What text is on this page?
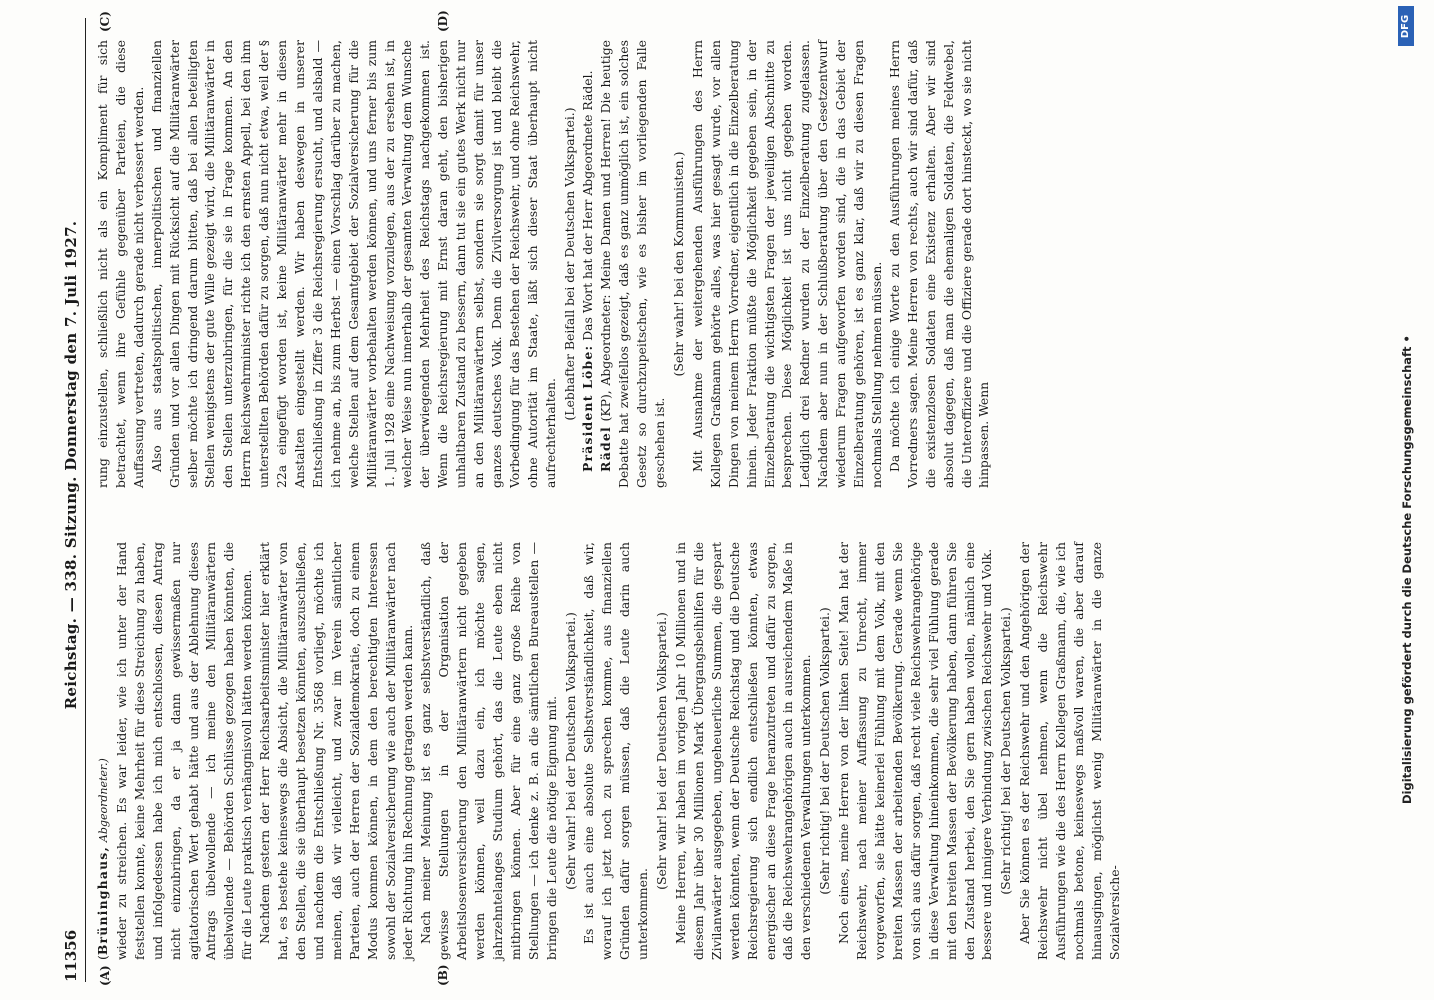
11356
Reichstag. — 338. Sitzung. Donnerstag den 7. Juli 1927.
(A)	(B)
(C)	(D)

(Brüninghaus, Abgeordneter.) wieder zu streichen. Es war leider, wie ich unter der Hand feststellen konnte, keine Mehrheit für diese Streichung zu haben, und infolgedessen habe ich mich entschlossen, diesen Antrag nicht einzubringen, da er ja dann gewissermaßen nur agitatorischen Wert gehabt hätte und aus der Ablehnung dieses Antrags übelwollende — ich meine den Militäranwärtern übelwollende — Behörden Schlüsse gezogen haben könnten, die für die Leute praktisch verhängnisvoll hätten werden können. Nachdem gestern der Herr Reichsarbeitsminister hier erklärt hat, es bestehe keineswegs die Absicht, die Militäranwärter von den Stellen, die sie überhaupt besetzen könnten, auszuschließen, und nachdem die Entschließung Nr. 3568 vorliegt, möchte ich meinen, daß wir vielleicht, und zwar im Verein sämtlicher Parteien, auch der Herren der Sozialdemokratie, doch zu einem Modus kommen können, in dem den berechtigten Interessen sowohl der Sozialversicherung wie auch der Militäranwärter nach jeder Richtung hin Rechnung getragen werden kann. Nach meiner Meinung ist es ganz selbstverständlich, daß gewisse Stellungen in der Organisation der Arbeitslosenversicherung den Militäranwärtern nicht gegeben werden können, weil dazu ein, ich möchte sagen, jahrzehntelanges Studium gehört, das die Leute eben nicht mitbringen können. Aber für eine ganz große Reihe von Stellungen — ich denke z. B. an die sämtlichen Bureaustellen — bringen die Leute die nötige Eignung mit. (Sehr wahr! bei der Deutschen Volkspartei.) Es ist auch eine absolute Selbstverständlichkeit, daß wir, worauf ich jetzt noch zu sprechen komme, aus finanziellen Gründen dafür sorgen müssen, daß die Leute darin auch unterkommen.

(Sehr wahr! bei der Deutschen Volkspartei.) Meine Herren, wir haben im vorigen Jahr 10 Millionen und in diesem Jahr über 30 Millionen Mark Übergangsbeihilfen für die Zivilanwärter ausgegeben, ungeheuerliche Summen, die gespart werden könnten, wenn der Deutsche Reichstag und die Deutsche Reichsregierung sich endlich entschließen könnten, etwas energischer an diese Frage heranzutreten und dafür zu sorgen, daß die Reichswehrangehörigen auch in ausreichendem Maße in den verschiedenen Verwaltungen unterkommen. (Sehr richtig! bei der Deutschen Volkspartei.) Noch eines, meine Herren von der linken Seite! Man hat der Reichswehr, nach meiner Auffassung zu Unrecht, immer vorgeworfen, sie hätte keinerlei Fühlung mit dem Volk, mit den breiten Massen der arbeitenden Bevölkerung. Gerade wenn Sie von sich aus dafür sorgen, daß recht viele Reichswehrangehörige in diese Verwaltung hineinkommen, die sehr viel Fühlung gerade mit den breiten Massen der Bevölkerung haben, dann führen Sie den Zustand herbei, den Sie gern haben wollen, nämlich eine bessere und innigere Verbindung zwischen Reichswehr und Volk. (Sehr richtig! bei der Deutschen Volkspartei.) Aber Sie können es der Reichswehr und den Angehörigen der Reichswehr nicht übel nehmen, wenn die Reichswehr Ausführungen wie die des Herrn Kollegen Graßmann, die, wie ich nochmals betone, keineswegs maßvoll waren, die aber darauf hinausgingen, möglichst wenig Militäranwärter in die ganze Sozialversiche-

rung einzustellen, schließlich nicht als ein Kompliment für sich betrachtet, wenn ihre Gefühle gegenüber Parteien, die diese Auffassung vertreten, dadurch gerade nicht verbessert werden. Also aus staatspolitischen, innerpolitischen und finanziellen Gründen und vor allen Dingen mit Rücksicht auf die Militäranwärter selber möchte ich dringend darum bitten, daß bei allen beteiligten Stellen wenigstens der gute Wille gezeigt wird, die Militäranwärter in den Stellen unterzubringen, für die sie in Frage kommen. An den Herrn Reichswehrminister richte ich den ernsten Appell, bei den ihm unterstellten Behörden dafür zu sorgen, daß nun nicht etwa, weil der § 22a eingefügt worden ist, keine Militäranwärter mehr in diesen Anstalten eingestellt werden. Wir haben deswegen in unserer Entschließung in Ziffer 3 die Reichsregierung ersucht, und alsbald — ich nehme an, bis zum Herbst — einen Vorschlag darüber zu machen, welche Stellen auf dem Gesamtgebiet der Sozialversicherung für die Militäranwärter vorbehalten werden können, und uns ferner bis zum 1. Juli 1928 eine Nachweisung vorzulegen, aus der zu ersehen ist, in welcher Weise nun innerhalb der gesamten Verwaltung dem Wunsche der überwiegenden Mehrheit des Reichstags nachgekommen ist. Wenn die Reichsregierung mit Ernst daran geht, den bisherigen unhaltbaren Zustand zu bessern, dann tut sie ein gutes Werk nicht nur an den Militäranwärtern selbst, sondern sie sorgt damit für unser ganzes deutsches Volk. Denn die Zivilversorgung ist und bleibt die Vorbedingung für das Bestehen der Reichswehr, und ohne Reichswehr, ohne Autorität im Staate, läßt sich dieser Staat überhaupt nicht aufrechterhalten.

(Lebhafter Beifall bei der Deutschen Volkspartei.) Präsident Löbe: Das Wort hat der Herr Abgeordnete Rädel.

Rädel (KP), Abgeordneter: Meine Damen und Herren! Die heutige Debatte hat zweifellos gezeigt, daß es ganz unmöglich ist, ein solches Gesetz so durchzupeitschen, wie es bisher im vorliegenden Falle geschehen ist.

(Sehr wahr! bei den Kommunisten.) Mit Ausnahme der weitergehenden Ausführungen des Herrn Kollegen Graßmann gehörte alles, was hier gesagt wurde, vor allen Dingen von meinem Herrn Vorredner, eigentlich in die Einzelberatung hinein. Jeder Fraktion müßte die Möglichkeit gegeben sein, in der Einzelberatung die wichtigsten Fragen der jeweiligen Abschnitte zu besprechen. Diese Möglichkeit ist uns nicht gegeben worden. Lediglich drei Redner wurden zu der Einzelberatung zugelassen. Nachdem aber nun in der Schlußberatung über den Gesetzentwurf wiederum Fragen aufgeworfen worden sind, die in das Gebiet der Einzelberatung gehören, ist es ganz klar, daß wir zu diesen Fragen nochmals Stellung nehmen müssen. Da möchte ich einige Worte zu den Ausführungen meines Herrn Vorredners sagen. Meine Herren von rechts, auch wir sind dafür, daß die existenzlosen Soldaten eine Existenz erhalten. Aber wir sind absolut dagegen, daß man die ehemaligen Soldaten, die Feldwebel, die Unteroffiziere und die Offiziere gerade dort hinsteckt, wo sie nicht hinpassen. Wenn

DFG
Digitalisierung gefördert durch die Deutsche Forschungsgemeinschaft •
